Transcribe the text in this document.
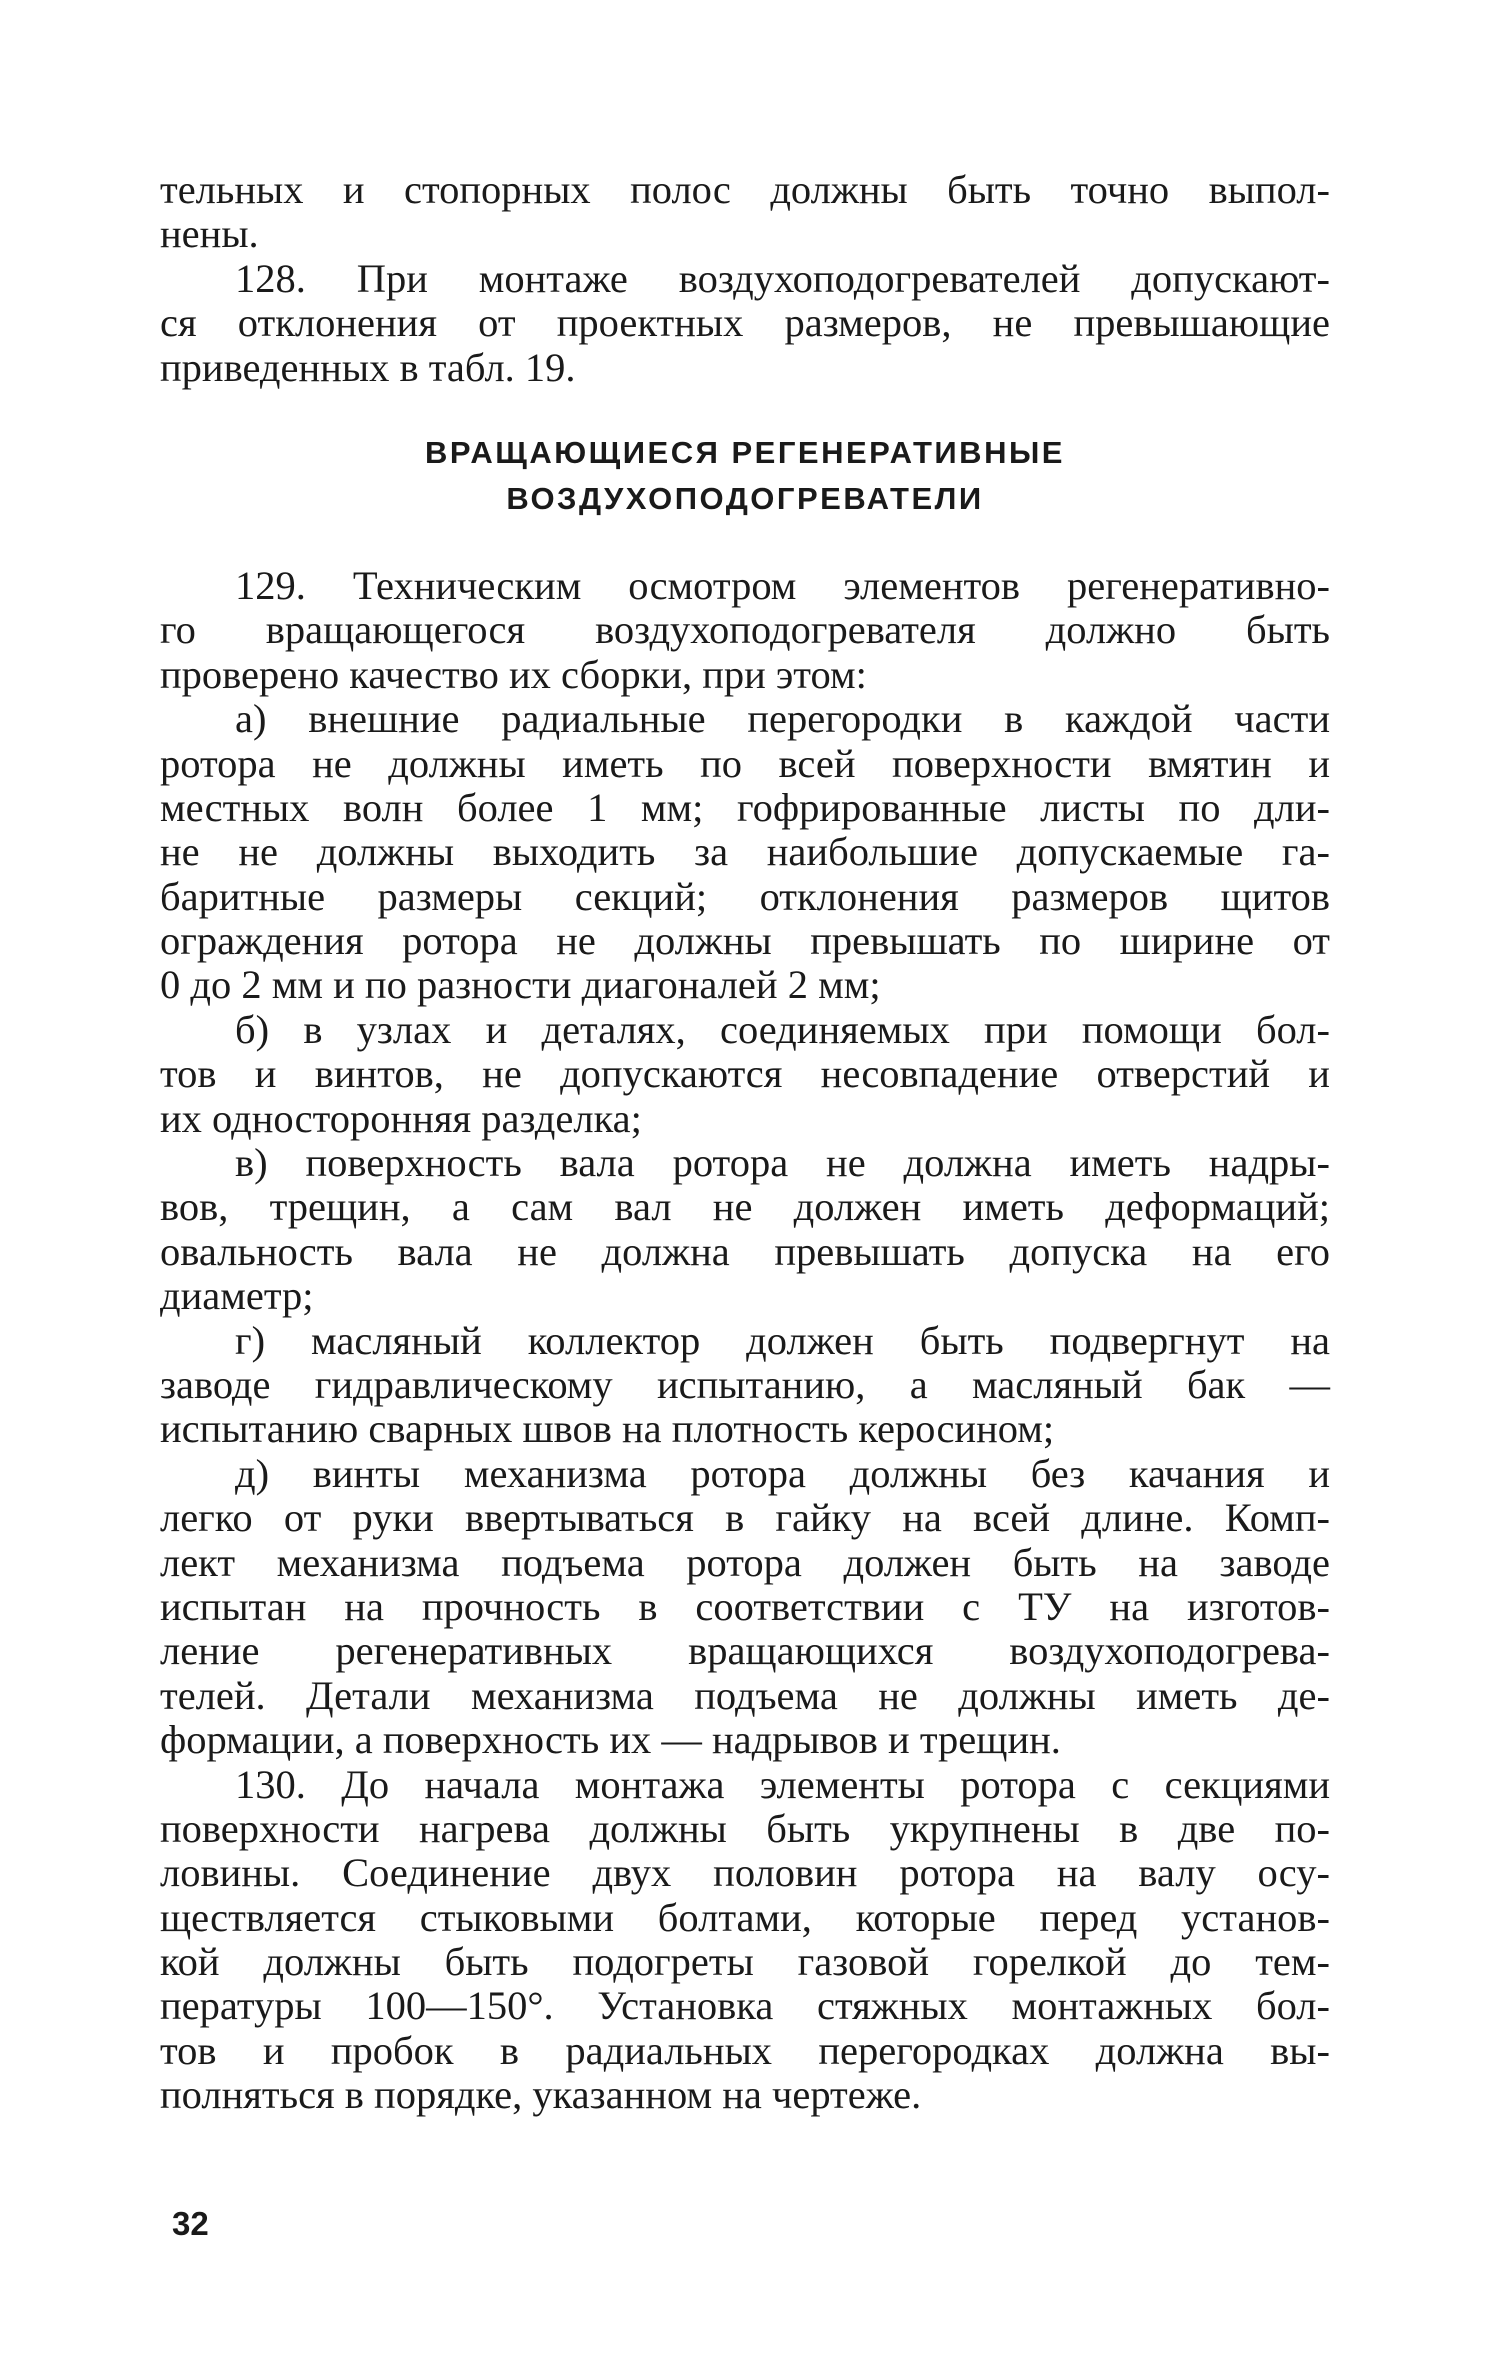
тельных и стопорных полос должны быть точно выпол-
нены.
128. При монтаже воздухоподогревателей допускают-
ся отклонения от проектных размеров, не превышающие
приведенных в табл. 19.
ВРАЩАЮЩИЕСЯ РЕГЕНЕРАТИВНЫЕ
ВОЗДУХОПОДОГРЕВАТЕЛИ
129. Техническим осмотром элементов регенеративно-
го вращающегося воздухоподогревателя должно быть
проверено качество их сборки, при этом:
а) внешние радиальные перегородки в каждой части
ротора не должны иметь по всей поверхности вмятин и
местных волн более 1 мм; гофрированные листы по дли-
не не должны выходить за наибольшие допускаемые га-
баритные размеры секций; отклонения размеров щитов
ограждения ротора не должны превышать по ширине от
0 до 2 мм и по разности диагоналей 2 мм;
б) в узлах и деталях, соединяемых при помощи бол-
тов и винтов, не допускаются несовпадение отверстий и
их односторонняя разделка;
в) поверхность вала ротора не должна иметь надры-
вов, трещин, а сам вал не должен иметь деформаций;
овальность вала не должна превышать допуска на его
диаметр;
г) масляный коллектор должен быть подвергнут на
заводе гидравлическому испытанию, а масляный бак —
испытанию сварных швов на плотность керосином;
д) винты механизма ротора должны без качания и
легко от руки ввертываться в гайку на всей длине. Комп-
лект механизма подъема ротора должен быть на заводе
испытан на прочность в соответствии с ТУ на изготов-
ление регенеративных вращающихся воздухоподогрева-
телей. Детали механизма подъема не должны иметь де-
формации, а поверхность их — надрывов и трещин.
130. До начала монтажа элементы ротора с секциями
поверхности нагрева должны быть укрупнены в две по-
ловины. Соединение двух половин ротора на валу осу-
ществляется стыковыми болтами, которые перед установ-
кой должны быть подогреты газовой горелкой до тем-
пературы 100—150°. Установка стяжных монтажных бол-
тов и пробок в радиальных перегородках должна вы-
полняться в порядке, указанном на чертеже.
32
